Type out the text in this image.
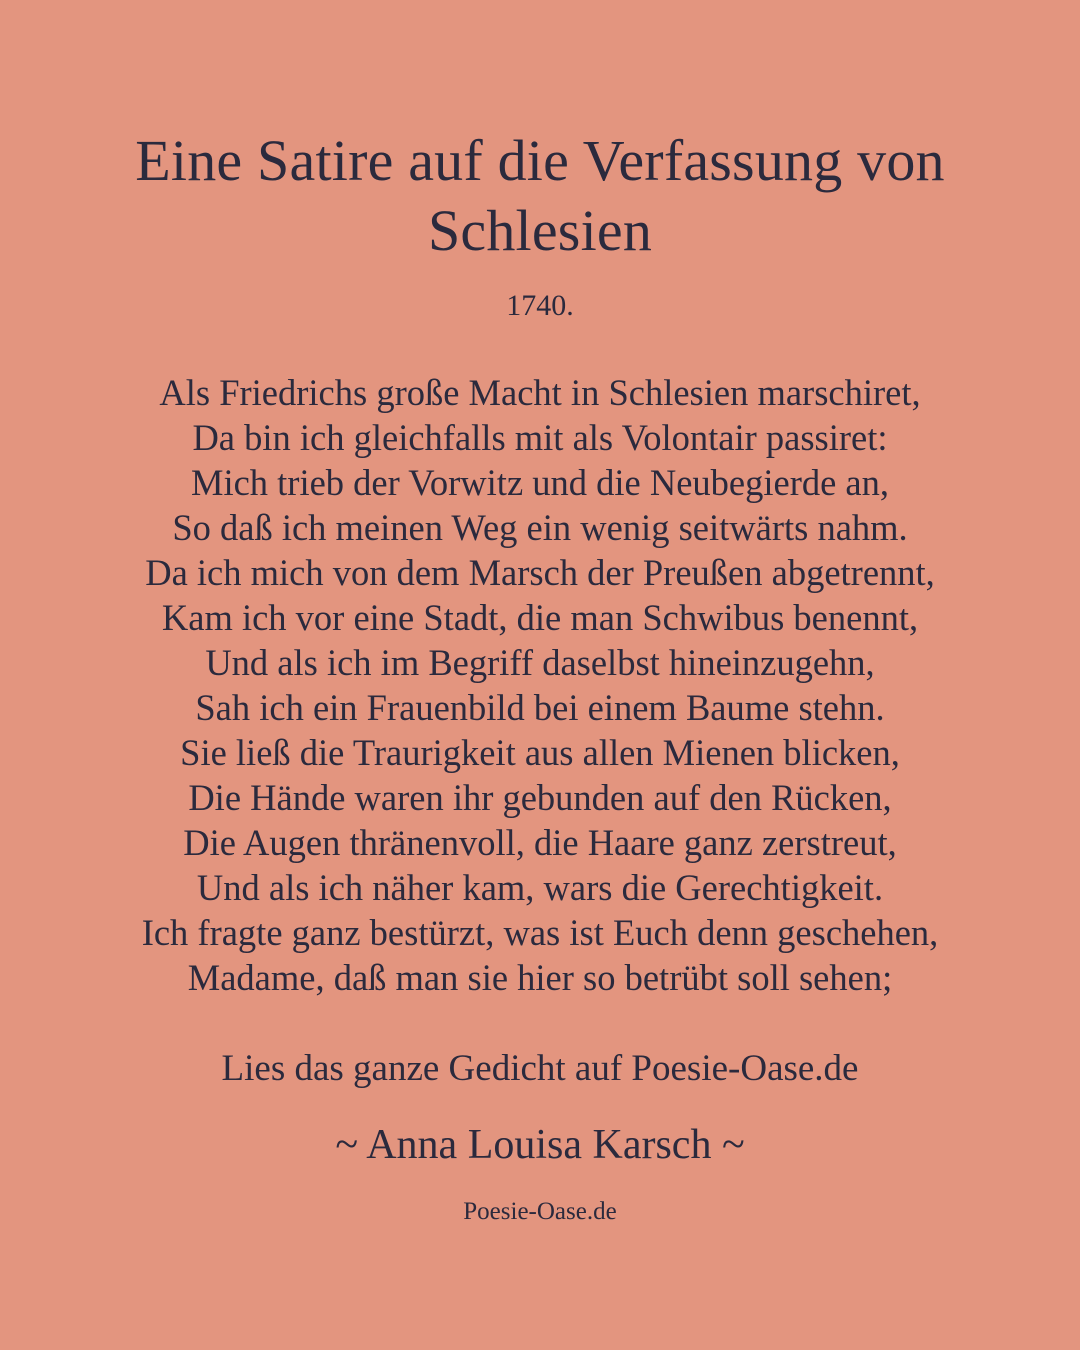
Eine Satire auf die Verfassung von
Schlesien
1740.
Als Friedrichs große Macht in Schlesien marschiret,
Da bin ich gleichfalls mit als Volontair passiret:
Mich trieb der Vorwitz und die Neubegierde an,
So daß ich meinen Weg ein wenig seitwärts nahm.
Da ich mich von dem Marsch der Preußen abgetrennt,
Kam ich vor eine Stadt, die man Schwibus benennt,
Und als ich im Begriff daselbst hineinzugehn,
Sah ich ein Frauenbild bei einem Baume stehn.
Sie ließ die Traurigkeit aus allen Mienen blicken,
Die Hände waren ihr gebunden auf den Rücken,
Die Augen thränenvoll, die Haare ganz zerstreut,
Und als ich näher kam, wars die Gerechtigkeit.
Ich fragte ganz bestürzt, was ist Euch denn geschehen,
Madame, daß man sie hier so betrübt soll sehen;
Lies das ganze Gedicht auf Poesie-Oase.de
~ Anna Louisa Karsch ~
Poesie-Oase.de
